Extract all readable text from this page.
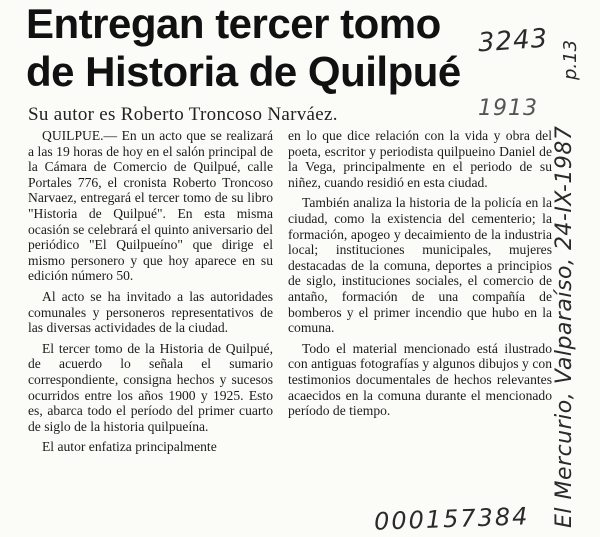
Entregan tercer tomo de Historia de Quilpué
Su autor es Roberto Troncoso Narváez.

QUILPUE.— En un acto que se realizará a las 19 horas de hoy en el salón principal de la Cámara de Comercio de Quilpué, calle Portales 776, el cronista Roberto Troncoso Narvaez, entregará el tercer tomo de su libro "Historia de Quilpué". En esta misma ocasión se celebrará el quinto aniversario del periódico "El Quilpueíno" que dirige el mismo personero y que hoy aparece en su edición número 50.

Al acto se ha invitado a las autoridades comunales y personeros representativos de las diversas actividades de la ciudad.

El tercer tomo de la Historia de Quilpué, de acuerdo lo señala el sumario correspondiente, consigna hechos y sucesos ocurridos entre los años 1900 y 1925. Esto es, abarca todo el período del primer cuarto de siglo de la historia quilpueína.

El autor enfatiza principalmente

en lo que dice relación con la vida y obra del poeta, escritor y periodista quilpueino Daniel de la Vega, principalmente en el periodo de su niñez, cuando residió en esta ciudad.

También analiza la historia de la policía en la ciudad, como la existencia del cementerio; la formación, apogeo y decaimiento de la industria local; instituciones municipales, mujeres destacadas de la comuna, deportes a principios de siglo, instituciones sociales, el comercio de antaño, formación de una compañía de bomberos y el primer incendio que hubo en la comuna.

Todo el material mencionado está ilustrado con antiguas fotografías y algunos dibujos y con testimonios documentales de hechos relevantes acaecidos en la comuna durante el mencionado período de tiempo.

3243
1913
El Mercurio, Valparaíso, 24-IX-1987
000157384
p.13
